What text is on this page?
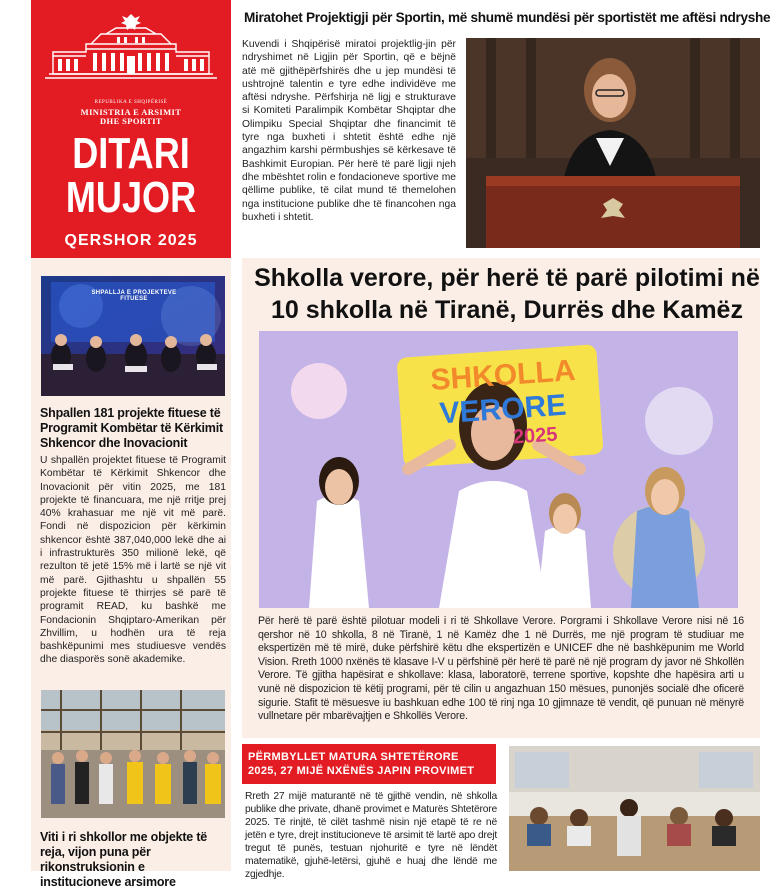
REPUBLIKA E SHQIPËRISË
MINISTRIA E ARSIMIT
DHE SPORTIT
DITARI
MUJOR
QERSHOR 2025
SHPALLJA E PROJEKTEVE FITUESE
Shpallen 181 projekte fituese të Programit Kombëtar të Kërkimit Shkencor dhe Inovacionit
U shpallën projektet fituese të Programit Kombëtar të Kërkimit Shkencor dhe Inovacionit për vitin 2025, me 181 projekte të financuara, me një rritje prej 40% krahasuar me një vit më parë. Fondi në dispozicion për kërkimin shkencor është 387,040,000 lekë dhe ai i infrastrukturës 350 milionë lekë, që rezulton të jetë 15% më i lartë se një vit më parë. Gjithashtu u shpallën 55 projekte fituese të thirrjes së parë të programit READ, ku bashkë me Fondacionin Shqiptaro-Amerikan për Zhvillim, u hodhën ura të reja bashkëpunimi mes studiuesve vendës dhe diasporës sonë akademike.
Viti i ri shkollor me objekte të reja, vijon puna për rikonstruksionin e institucioneve arsimore
Miratohet Projektigji për Sportin, më shumë mundësi për sportistët me aftësi ndryshe
Kuvendi i Shqipërisë miratoi projektlig-jin për ndryshimet në Ligjin për Sportin, që e bëjnë atë më gjithëpërfshirës dhe u jep mundësi të ushtrojnë talentin e tyre edhe individëve me aftësi ndryshe. Përfshirja në ligj e strukturave si Komiteti Paralimpik Kombëtar Shqiptar dhe Olimpiku Special Shqiptar dhe financimit të tyre nga buxheti i shtetit është edhe një angazhim karshi përmbushjes së kërkesave të Bashkimit Europian. Për herë të parë ligji njeh dhe mbështet rolin e fondacioneve sportive me qëllime publike, të cilat mund të themelohen nga institucione publike dhe të financohen nga buxheti i shtetit.
Shkolla verore, për herë të parë pilotimi në 10 shkolla në Tiranë, Durrës dhe Kamëz
SHKOLLA
VERORE
2025
Për herë të parë është pilotuar modeli i ri të Shkollave Verore. Porgrami i Shkollave Verore nisi në 16 qershor në 10 shkolla, 8 në Tiranë, 1 në Kamëz dhe 1 në Durrës, me një program të studiuar me ekspertizën më të mirë, duke përfshirë këtu dhe ekspertizën e UNICEF dhe në bashkëpunim me World Vision. Rreth 1000 nxënës të klasave I-V u përfshinë për herë të parë në një program dy javor në Shkollën Verore. Të gjitha hapësirat e shkollave: klasa, laboratorë, terrene sportive, kopshte dhe hapësira arti u vunë në dispozicion të këtij programi, për të cilin u angazhuan 150 mësues, punonjës socialë dhe oficerë sigurie. Stafit të mësuesve iu bashkuan edhe 100 të rinj nga 10 gjimnaze të vendit, që punuan në mënyrë vullnetare për mbarëvajtjen e Shkollës Verore.
PËRMBYLLET MATURA SHTETËRORE 2025, 27 MIJË NXËNËS JAPIN PROVIMET
Rreth 27 mijë maturantë në të gjithë vendin, në shkolla publike dhe private, dhanë provimet e Maturës Shtetërore 2025. Të rinjtë, të cilët tashmë nisin një etapë të re në jetën e tyre, drejt institucioneve të arsimit të lartë apo drejt tregut të punës, testuan njohuritë e tyre në lëndët matematikë, gjuhë-letërsi, gjuhë e huaj dhe lëndë me zgjedhje.
